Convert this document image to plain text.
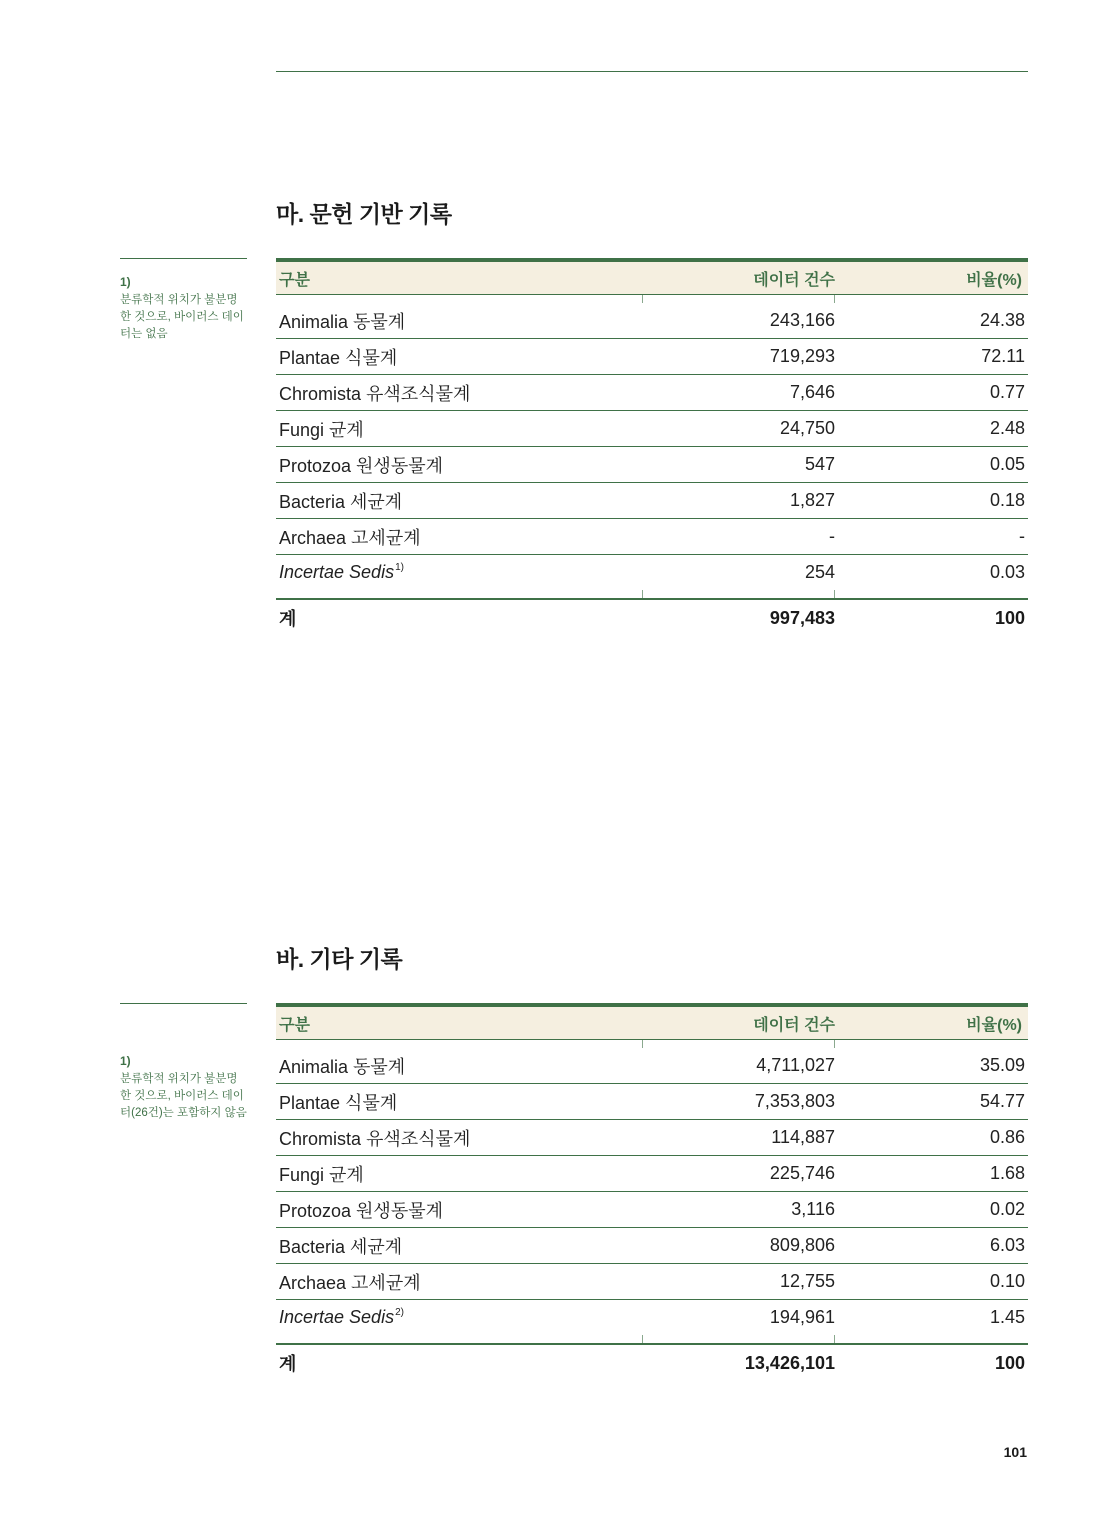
마. 문헌 기반 기록
1)
분류학적 위치가 불분명한 것으로, 바이러스 데이터는 없음
구분	데이터 건수	비율(%)
Animalia 동물계	243,166	24.38
Plantae 식물계	719,293	72.11
Chromista 유색조식물계	7,646	0.77
Fungi 균계	24,750	2.48
Protozoa 원생동물계	547	0.05
Bacteria 세균계	1,827	0.18
Archaea 고세균계	-	-
Incertae Sedis$^{1)}$	254	0.03
계	997,483	100
바. 기타 기록
1)
분류학적 위치가 불분명한 것으로, 바이러스 데이터(26건)는 포함하지 않음
구분	데이터 건수	비율(%)
Animalia 동물계	4,711,027	35.09
Plantae 식물계	7,353,803	54.77
Chromista 유색조식물계	114,887	0.86
Fungi 균계	225,746	1.68
Protozoa 원생동물계	3,116	0.02
Bacteria 세균계	809,806	6.03
Archaea 고세균계	12,755	0.10
Incertae Sedis$^{2)}$	194,961	1.45
계	13,426,101	100
101
